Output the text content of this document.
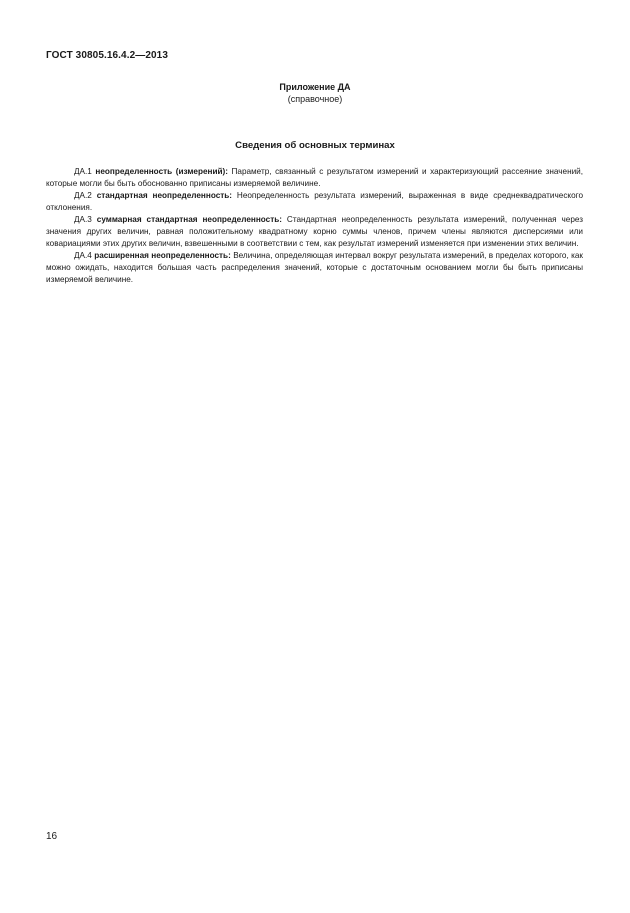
ГОСТ 30805.16.4.2—2013
Приложение ДА
(справочное)
Сведения об основных терминах

ДА.1 неопределенность (измерений): Параметр, связанный с результатом измерений и характеризующий рассеяние значений, которые могли бы быть обоснованно приписаны измеряемой величине.

ДА.2 стандартная неопределенность: Неопределенность результата измерений, выраженная в виде среднеквадратического отклонения.

ДА.3 суммарная стандартная неопределенность: Стандартная неопределенность результата измерений, полученная через значения других величин, равная положительному квадратному корню суммы членов, причем члены являются дисперсиями или ковариациями этих других величин, взвешенными в соответствии с тем, как результат измерений изменяется при изменении этих величин.

ДА.4 расширенная неопределенность: Величина, определяющая интервал вокруг результата измерений, в пределах которого, как можно ожидать, находится большая часть распределения значений, которые с достаточным основанием могли бы быть приписаны измеряемой величине.

16
